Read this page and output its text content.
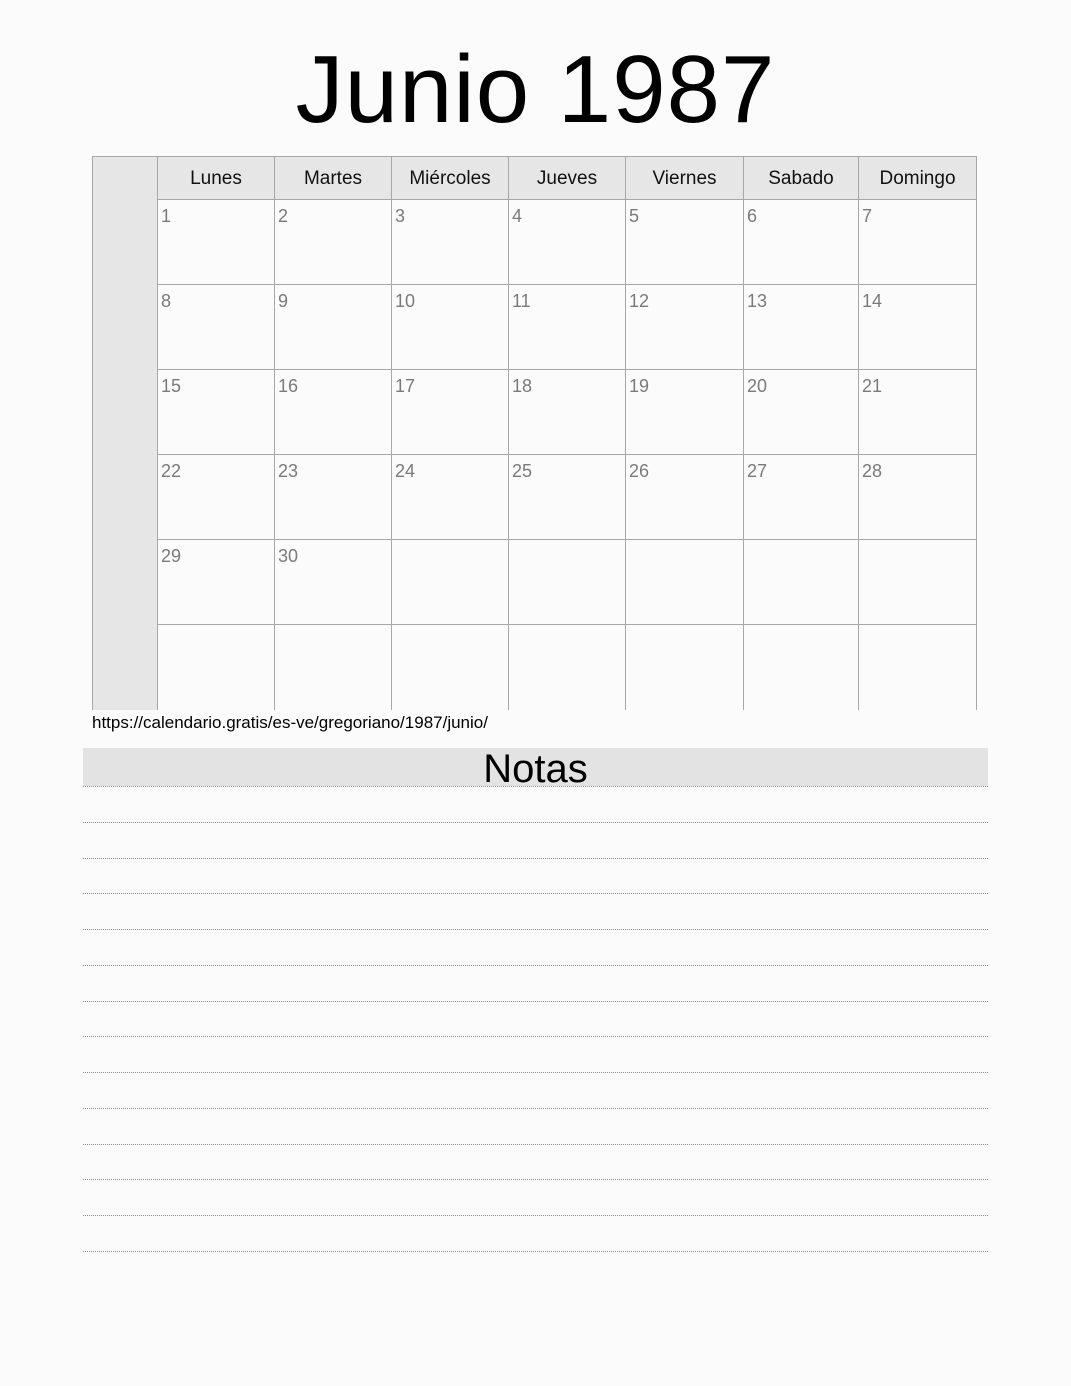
Junio 1987
Lunes	Martes	Miércoles	Jueves	Viernes	Sabado	Domingo
1	2	3	4	5	6	7
8	9	10	11	12	13	14
15	16	17	18	19	20	21
22	23	24	25	26	27	28
29	30
https://calendario.gratis/es-ve/gregoriano/1987/junio/
Notas
